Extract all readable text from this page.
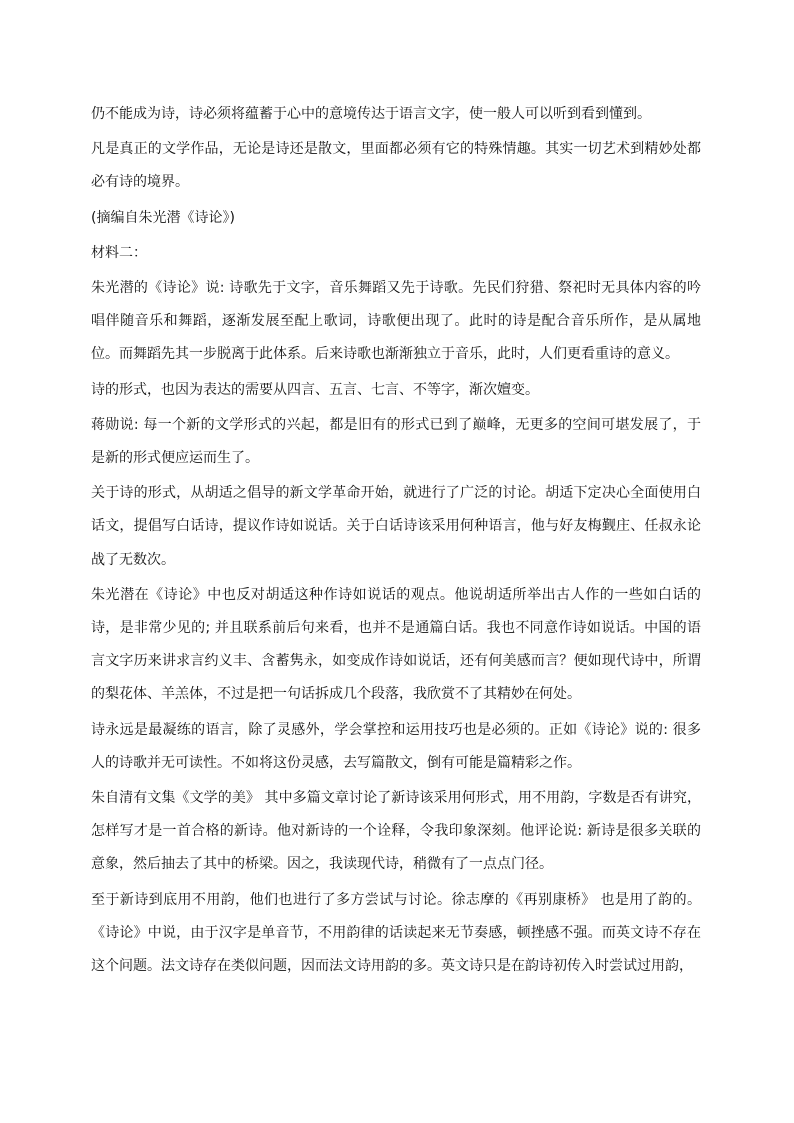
仍不能成为诗，诗必须将蕴蓄于心中的意境传达于语言文字，使一般人可以听到看到懂到。

凡是真正的文学作品，无论是诗还是散文，里面都必须有它的特殊情趣。其实一切艺术到精妙处都必有诗的境界。

(摘编自朱光潜《诗论》)

材料二：

朱光潜的《诗论》说: 诗歌先于文字，音乐舞蹈又先于诗歌。先民们狩猎、祭祀时无具体内容的吟唱伴随音乐和舞蹈，逐渐发展至配上歌词，诗歌便出现了。此时的诗是配合音乐所作，是从属地位。而舞蹈先其一步脱离于此体系。后来诗歌也渐渐独立于音乐，此时，人们更看重诗的意义。

诗的形式，也因为表达的需要从四言、五言、七言、不等字，渐次嬗变。

蒋勋说: 每一个新的文学形式的兴起，都是旧有的形式已到了巅峰，无更多的空间可堪发展了，于是新的形式便应运而生了。

关于诗的形式，从胡适之倡导的新文学革命开始，就进行了广泛的讨论。胡适下定决心全面使用白话文，提倡写白话诗，提议作诗如说话。关于白话诗该采用何种语言，他与好友梅觐庄、任叔永论战了无数次。

朱光潜在《诗论》中也反对胡适这种作诗如说话的观点。他说胡适所举出古人作的一些如白话的诗，是非常少见的; 并且联系前后句来看，也并不是通篇白话。我也不同意作诗如说话。中国的语言文字历来讲求言约义丰、含蓄隽永，如变成作诗如说话，还有何美感而言？便如现代诗中，所谓的梨花体、羊羔体，不过是把一句话拆成几个段落，我欣赏不了其精妙在何处。

诗永远是最凝练的语言，除了灵感外，学会掌控和运用技巧也是必须的。正如《诗论》说的: 很多人的诗歌并无可读性。不如将这份灵感，去写篇散文，倒有可能是篇精彩之作。

朱自清有文集《文学的美》 其中多篇文章讨论了新诗该采用何形式，用不用韵，字数是否有讲究，怎样写才是一首合格的新诗。他对新诗的一个诠释，令我印象深刻。他评论说: 新诗是很多关联的意象，然后抽去了其中的桥梁。因之，我读现代诗，稍微有了一点点门径。

至于新诗到底用不用韵，他们也进行了多方尝试与讨论。徐志摩的《再别康桥》 也是用了韵的。《诗论》中说，由于汉字是单音节，不用韵律的话读起来无节奏感，顿挫感不强。而英文诗不存在这个问题。法文诗存在类似问题，因而法文诗用韵的多。英文诗只是在韵诗初传入时尝试过用韵，
